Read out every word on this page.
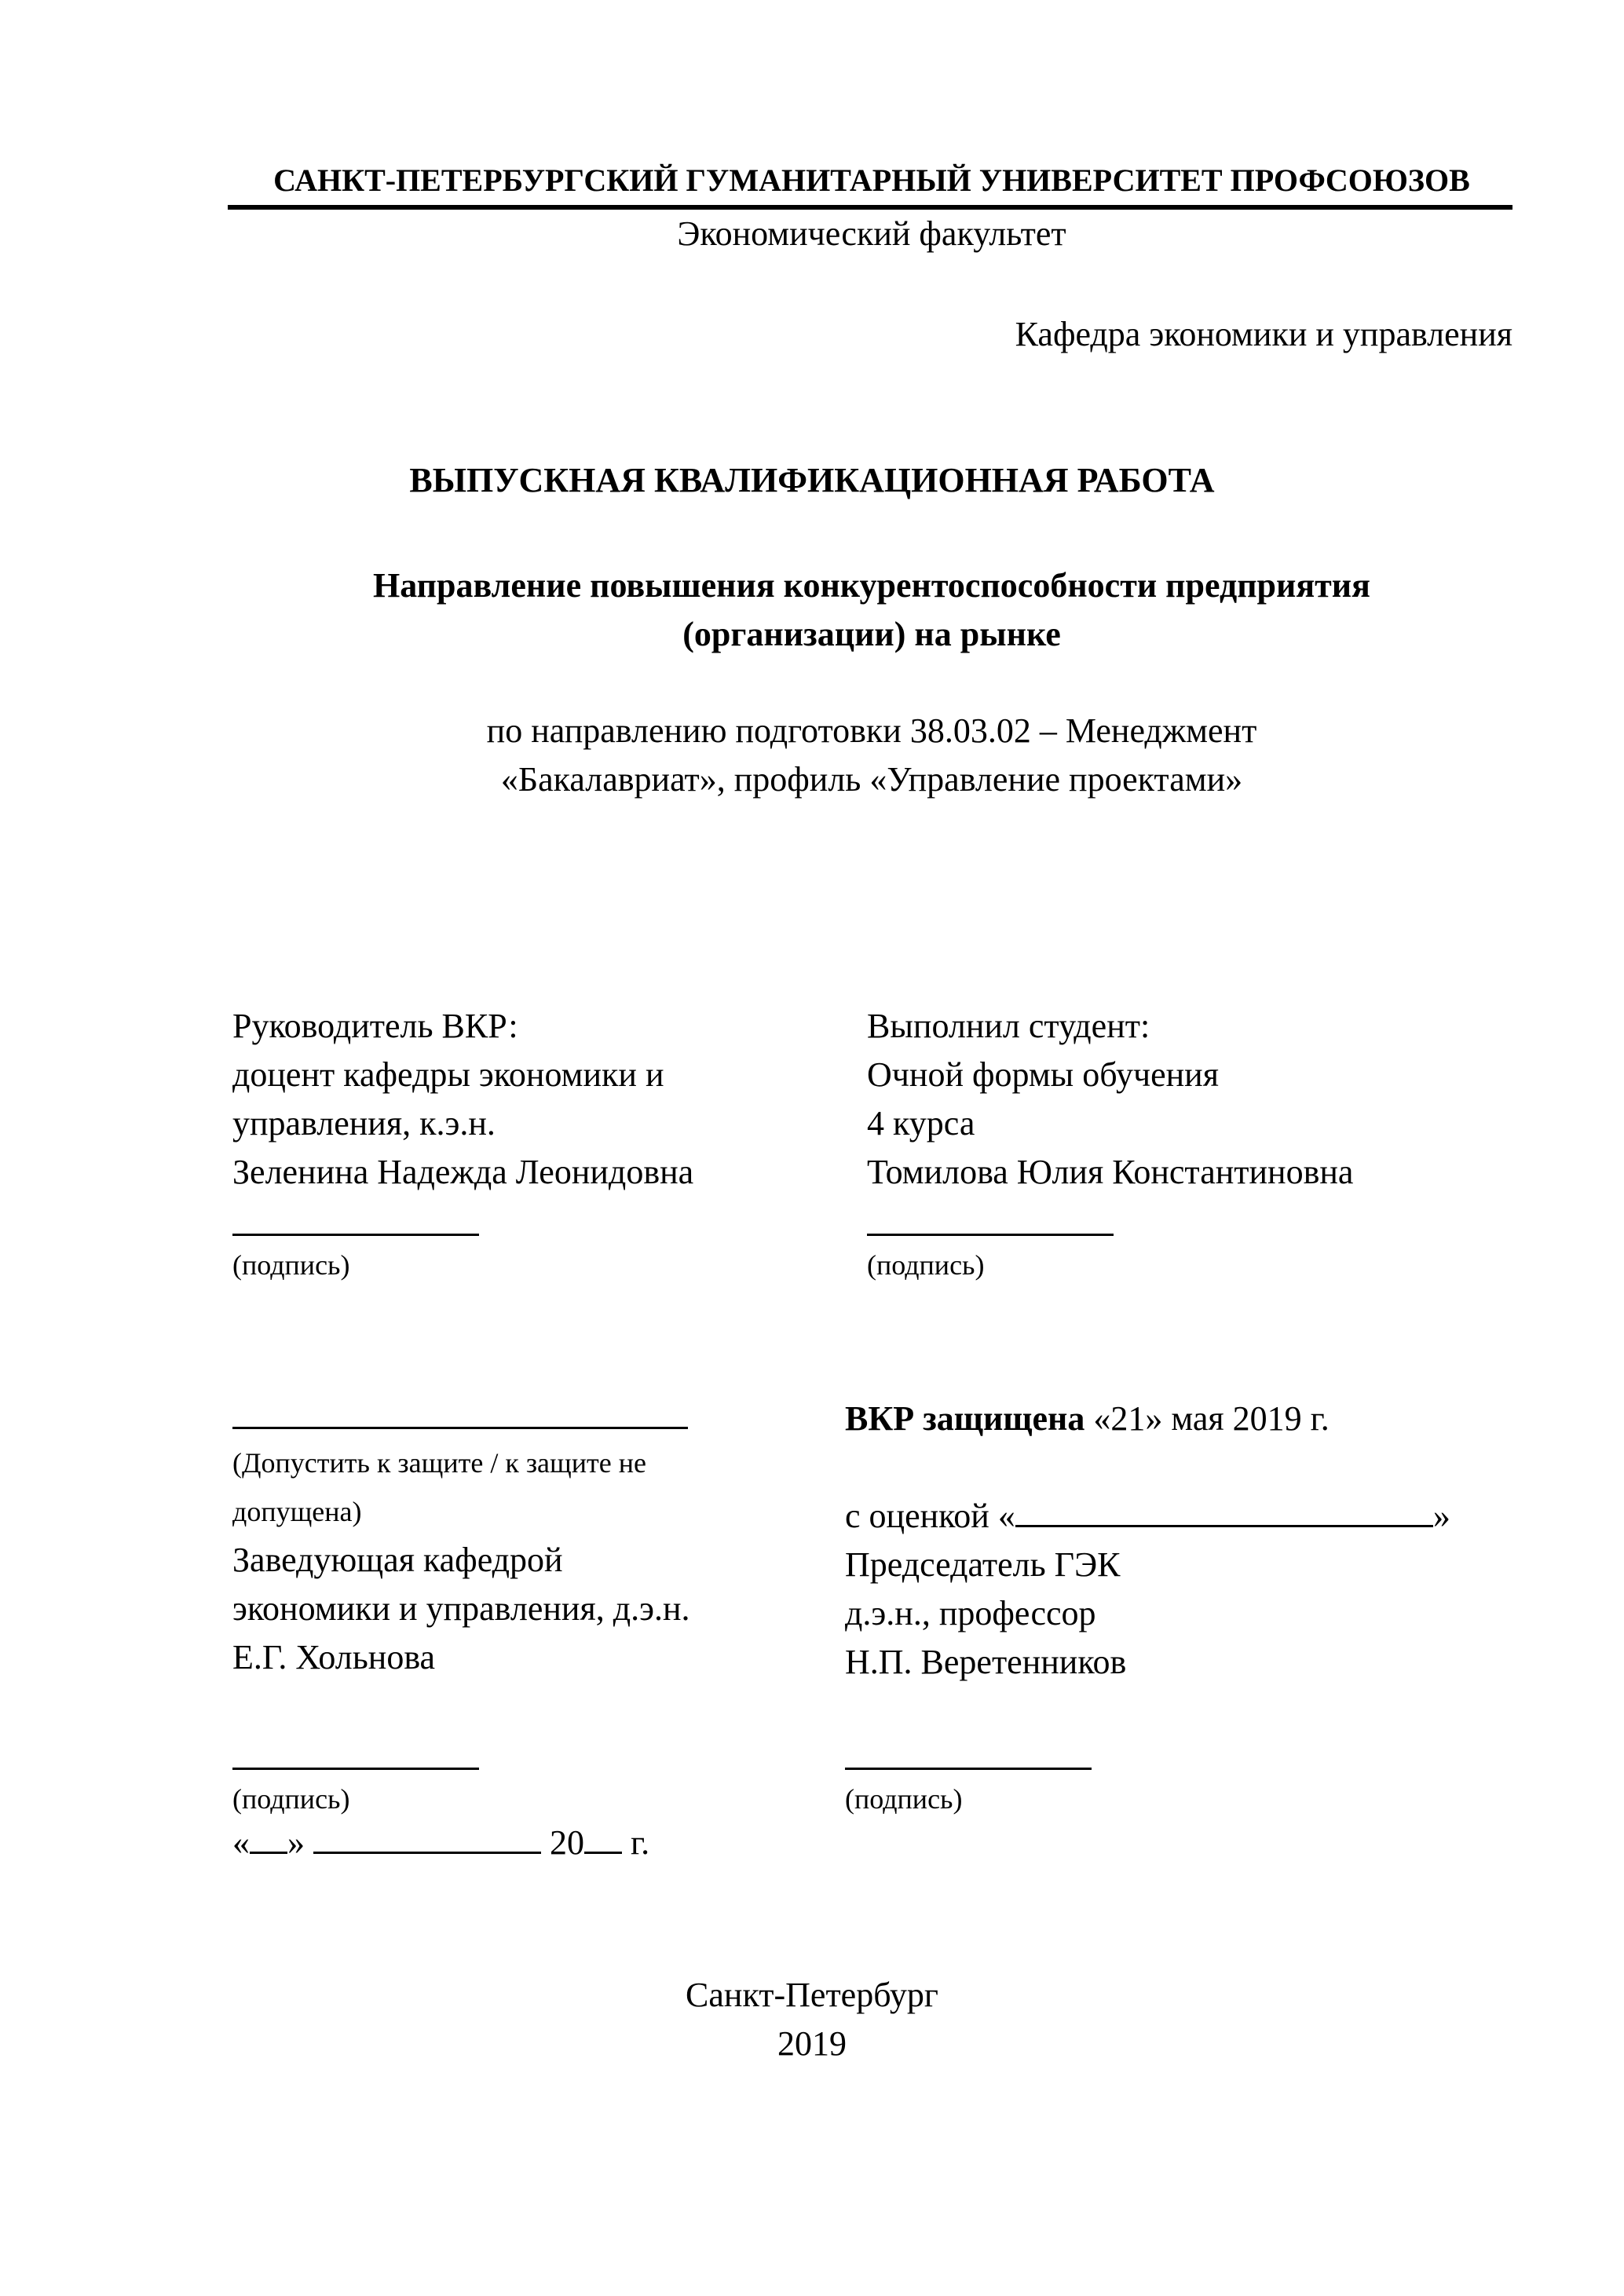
САНКТ-ПЕТЕРБУРГСКИЙ ГУМАНИТАРНЫЙ УНИВЕРСИТЕТ ПРОФСОЮЗОВ
Экономический факультет
Кафедра экономики и управления
ВЫПУСКНАЯ КВАЛИФИКАЦИОННАЯ РАБОТА
Направление повышения конкурентоспособности предприятия
(организации) на рынке
по направлению подготовки 38.03.02 – Менеджмент
«Бакалавриат», профиль «Управление проектами»
Руководитель ВКР:
доцент кафедры экономики и
управления, к.э.н.
Зеленина Надежда Леонидовна
(подпись)
Выполнил студент:
Очной формы обучения
4 курса
Томилова Юлия Константиновна
(подпись)
(Допустить к защите / к защите не
допущена)
Заведующая кафедрой
экономики и управления, д.э.н.
Е.Г. Хольнова
(подпись)
« »	20 г.
ВКР защищена «21» мая 2019 г.
с оценкой «	»
Председатель ГЭК
д.э.н., профессор
Н.П. Веретенников
(подпись)
Санкт-Петербург
2019
